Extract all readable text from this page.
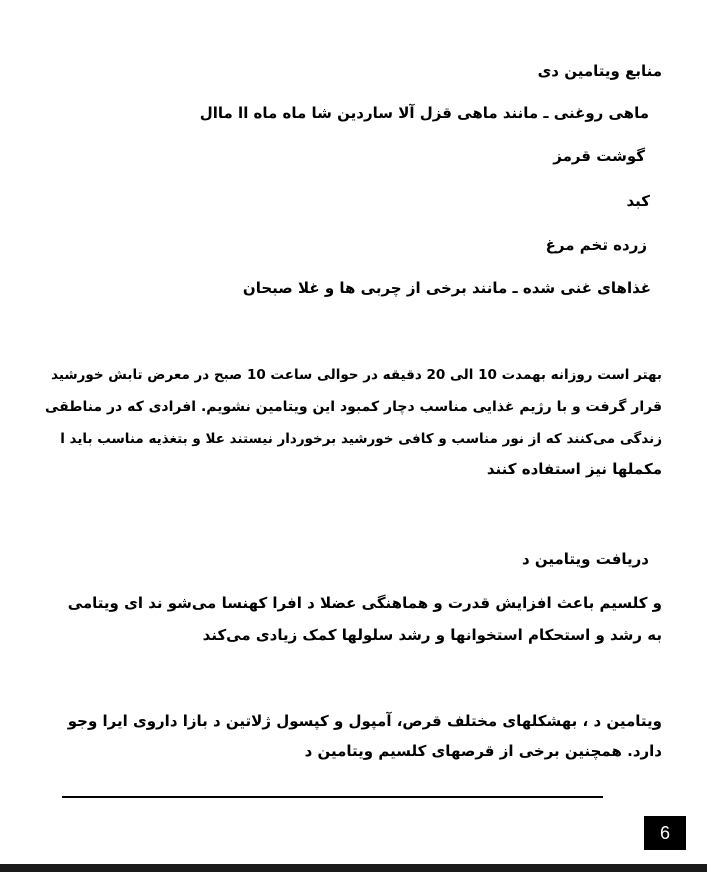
منابع ویتامین دی
ماهی روغنی ـ مانند ماهی قزل آلا ساردین شا ماه ماه اا ماال
گوشت قرمز
کبد
زرده تخم مرغ
غذاهای غنی شده ـ مانند برخی از چربی ها و غلا صبحان
بهتر است روزانه بهمدت 10 الی 20 دقیقه در حوالی ساعت 10 صبح در معرض تابش خورشید
قرار گرفت و با رژیم غذایی مناسب دچار کمبود این ویتامین نشویم. افرادی که در مناطقی
زندگی می‌کنند که از نور مناسب و کافی خورشید برخوردار نیستند علا و بتغذیه مناسب باید ا
مکملها نیز استفاده کنند
دریافت ویتامین د
و کلسیم باعث افزایش قدرت و هماهنگی عضلا د افرا کهنسا می‌شو ند ای ویتامی
به رشد و استحکام استخوانها و رشد سلولها کمک زیادی می‌کند
ویتامین د ، بهشکلهای مختلف قرص، آمپول و کپسول ژلاتین د بازا داروی ایرا وجو
دارد. همچنین برخی از قرصهای کلسیم ویتامین د
6
